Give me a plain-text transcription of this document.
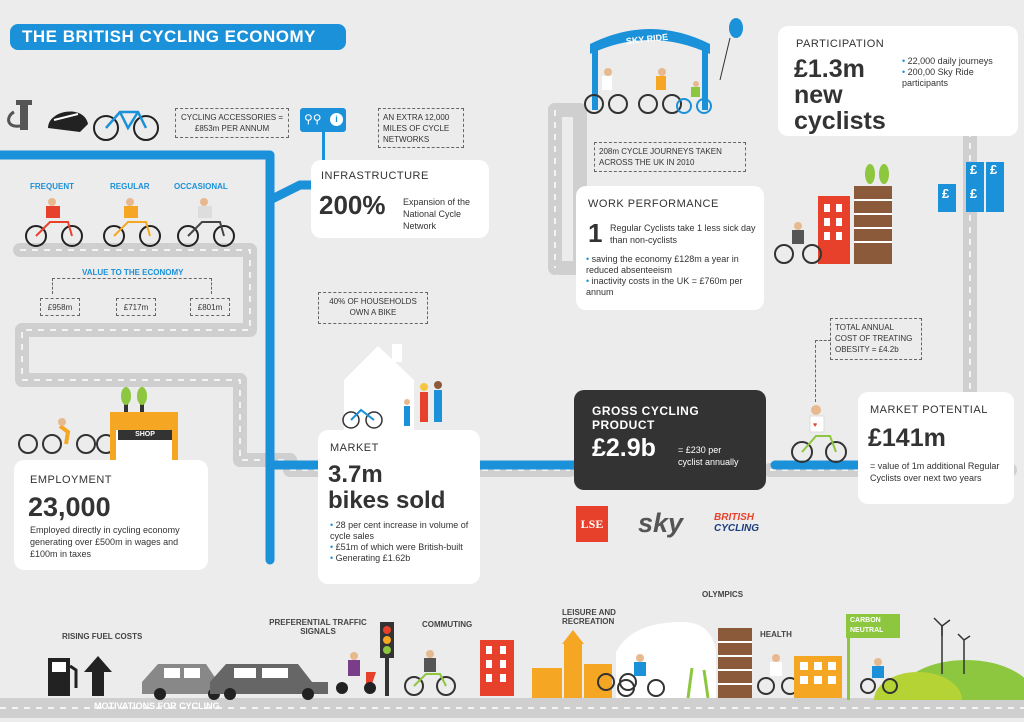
THE BRITISH CYCLING ECONOMY
CYCLING ACCESSORIES = £853m PER ANNUM
⚲⚲	i	AN EXTRA 12,000 MILES OF CYCLE NETWORKS
INFRASTRUCTURE
200% Expansion of the National Cycle Network
FREQUENT	REGULAR	OCCASIONAL
VALUE TO THE ECONOMY
£958m	£717m	£801m
40% OF HOUSEHOLDS OWN A BIKE
SHOP
EMPLOYMENT
23,000
Employed directly in cycling economy generating over £500m in wages and £100m in taxes
MARKET
3.7m
bikes sold
• 28 per cent increase in volume of cycle sales
• £51m of which were British-built
• Generating £1.62b
SKY RIDE
208m CYCLE JOURNEYS TAKEN ACROSS THE UK IN 2010
PARTICIPATION
£1.3m
new
cyclists
• 22,000 daily journeys
• 200,00 Sky Ride participants
£ £
£ £
WORK PERFORMANCE
1 Regular Cyclists take 1 less sick day than non-cyclists
• saving the economy £128m a year in reduced absenteeism
• inactivity costs in the UK = £760m per annum
TOTAL ANNUAL COST OF TREATING OBESITY = £4.2b
GROSS CYCLING PRODUCT
£2.9b = £230 per cyclist annually
♥
MARKET POTENTIAL
£141m
= value of 1m additional Regular Cyclists over next two years
LSE sky	BRITISH
CYCLING
RISING FUEL COSTS
PREFERENTIAL TRAFFIC SIGNALS
COMMUTING
LEISURE AND RECREATION
OLYMPICS
HEALTH
CARBON NEUTRAL
MOTIVATIONS FOR CYCLING
